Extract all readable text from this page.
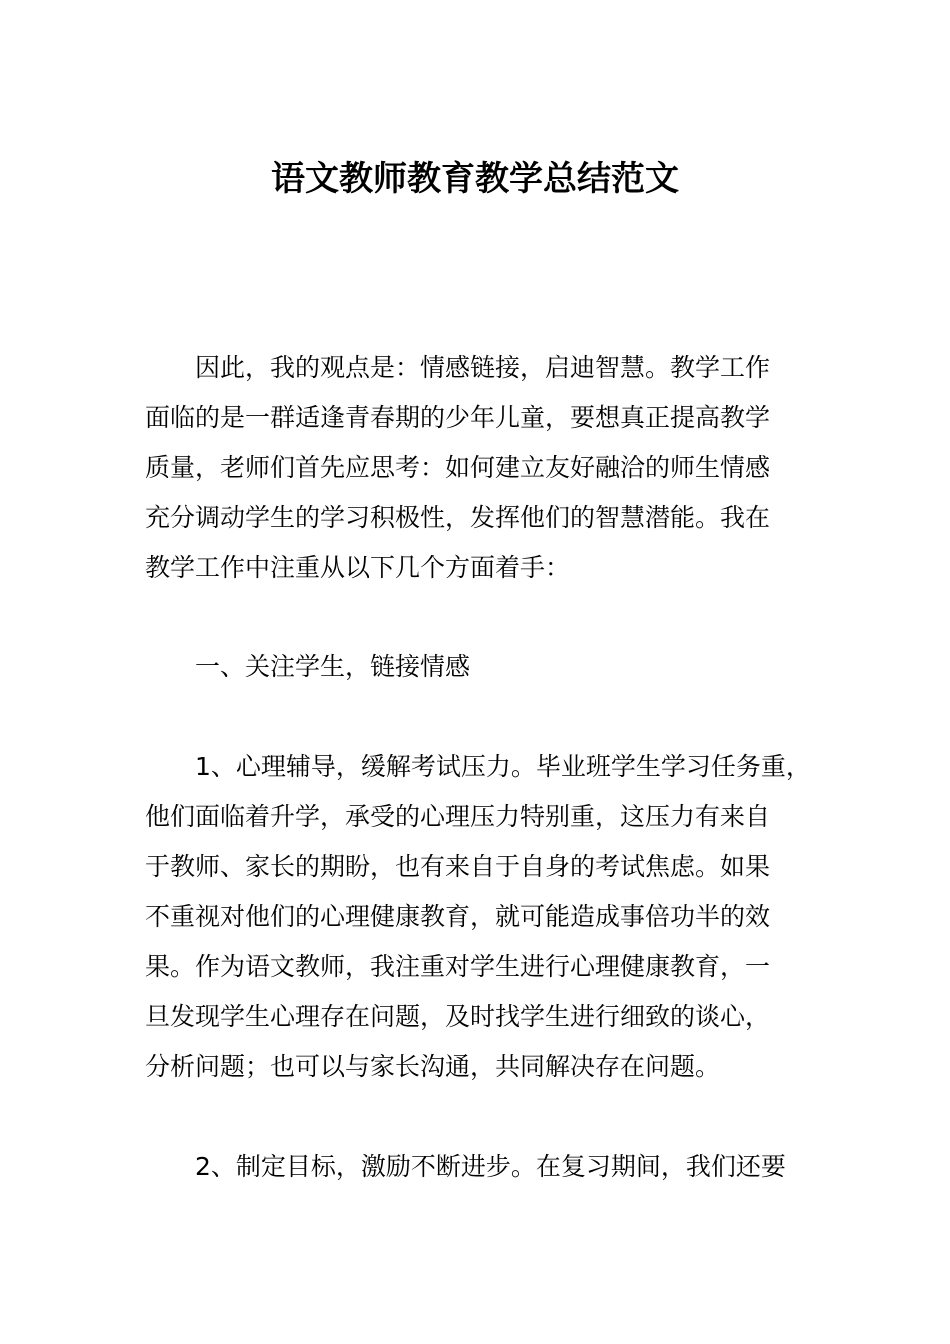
语文教师教育教学总结范文
因此，我的观点是：情感链接，启迪智慧。教学工作
面临的是一群适逢青春期的少年儿童，要想真正提高教学
质量，老师们首先应思考：如何建立友好融洽的师生情感
充分调动学生的学习积极性，发挥他们的智慧潜能。我在
教学工作中注重从以下几个方面着手：
一、关注学生，链接情感
1、心理辅导，缓解考试压力。毕业班学生学习任务重，
他们面临着升学，承受的心理压力特别重，这压力有来自
于教师、家长的期盼，也有来自于自身的考试焦虑。如果
不重视对他们的心理健康教育，就可能造成事倍功半的效
果。作为语文教师，我注重对学生进行心理健康教育，一
旦发现学生心理存在问题，及时找学生进行细致的谈心，
分析问题；也可以与家长沟通，共同解决存在问题。
2、制定目标，激励不断进步。在复习期间，我们还要
